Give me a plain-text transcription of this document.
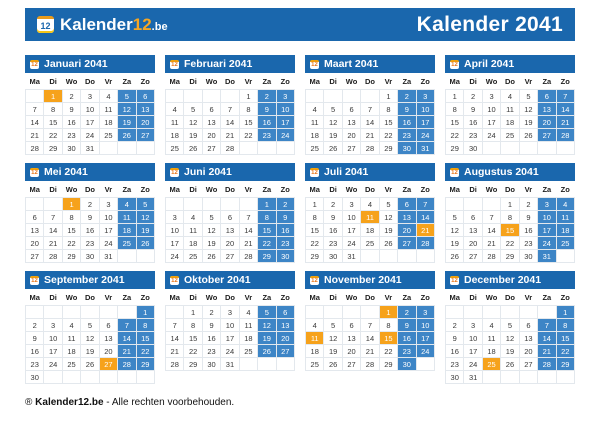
12 Kalender12.be	Kalender 2041
12 Januari 2041
Ma	Di	Wo	Do	Vr	Za	Zo
	1	2	3	4	5	6
7	8	9	10	11	12	13
14	15	16	17	18	19	20
21	22	23	24	25	26	27
28	29	30	31			
12 Februari 2041
Ma	Di	Wo	Do	Vr	Za	Zo
				1	2	3
4	5	6	7	8	9	10
11	12	13	14	15	16	17
18	19	20	21	22	23	24
25	26	27	28			
12 Maart 2041
Ma	Di	Wo	Do	Vr	Za	Zo
				1	2	3
4	5	6	7	8	9	10
11	12	13	14	15	16	17
18	19	20	21	22	23	24
25	26	27	28	29	30	31
12 April 2041
Ma	Di	Wo	Do	Vr	Za	Zo
1	2	3	4	5	6	7
8	9	10	11	12	13	14
15	16	17	18	19	20	21
22	23	24	25	26	27	28
29	30					
12 Mei 2041
Ma	Di	Wo	Do	Vr	Za	Zo
		1	2	3	4	5
6	7	8	9	10	11	12
13	14	15	16	17	18	19
20	21	22	23	24	25	26
27	28	29	30	31		
12 Juni 2041
Ma	Di	Wo	Do	Vr	Za	Zo
					1	2
3	4	5	6	7	8	9
10	11	12	13	14	15	16
17	18	19	20	21	22	23
24	25	26	27	28	29	30
12 Juli 2041
Ma	Di	Wo	Do	Vr	Za	Zo
1	2	3	4	5	6	7
8	9	10	11	12	13	14
15	16	17	18	19	20	21
22	23	24	25	26	27	28
29	30	31				
12 Augustus 2041
Ma	Di	Wo	Do	Vr	Za	Zo
			1	2	3	4
5	6	7	8	9	10	11
12	13	14	15	16	17	18
19	20	21	22	23	24	25
26	27	28	29	30	31	
12 September 2041
Ma	Di	Wo	Do	Vr	Za	Zo
						1
2	3	4	5	6	7	8
9	10	11	12	13	14	15
16	17	18	19	20	21	22
23	24	25	26	27	28	29
30						
12 Oktober 2041
Ma	Di	Wo	Do	Vr	Za	Zo
	1	2	3	4	5	6
7	8	9	10	11	12	13
14	15	16	17	18	19	20
21	22	23	24	25	26	27
28	29	30	31			
12 November 2041
Ma	Di	Wo	Do	Vr	Za	Zo
				1	2	3
4	5	6	7	8	9	10
11	12	13	14	15	16	17
18	19	20	21	22	23	24
25	26	27	28	29	30	
12 December 2041
Ma	Di	Wo	Do	Vr	Za	Zo
						1
2	3	4	5	6	7	8
9	10	11	12	13	14	15
16	17	18	19	20	21	22
23	24	25	26	27	28	29
30	31					
® Kalender12.be - Alle rechten voorbehouden.
